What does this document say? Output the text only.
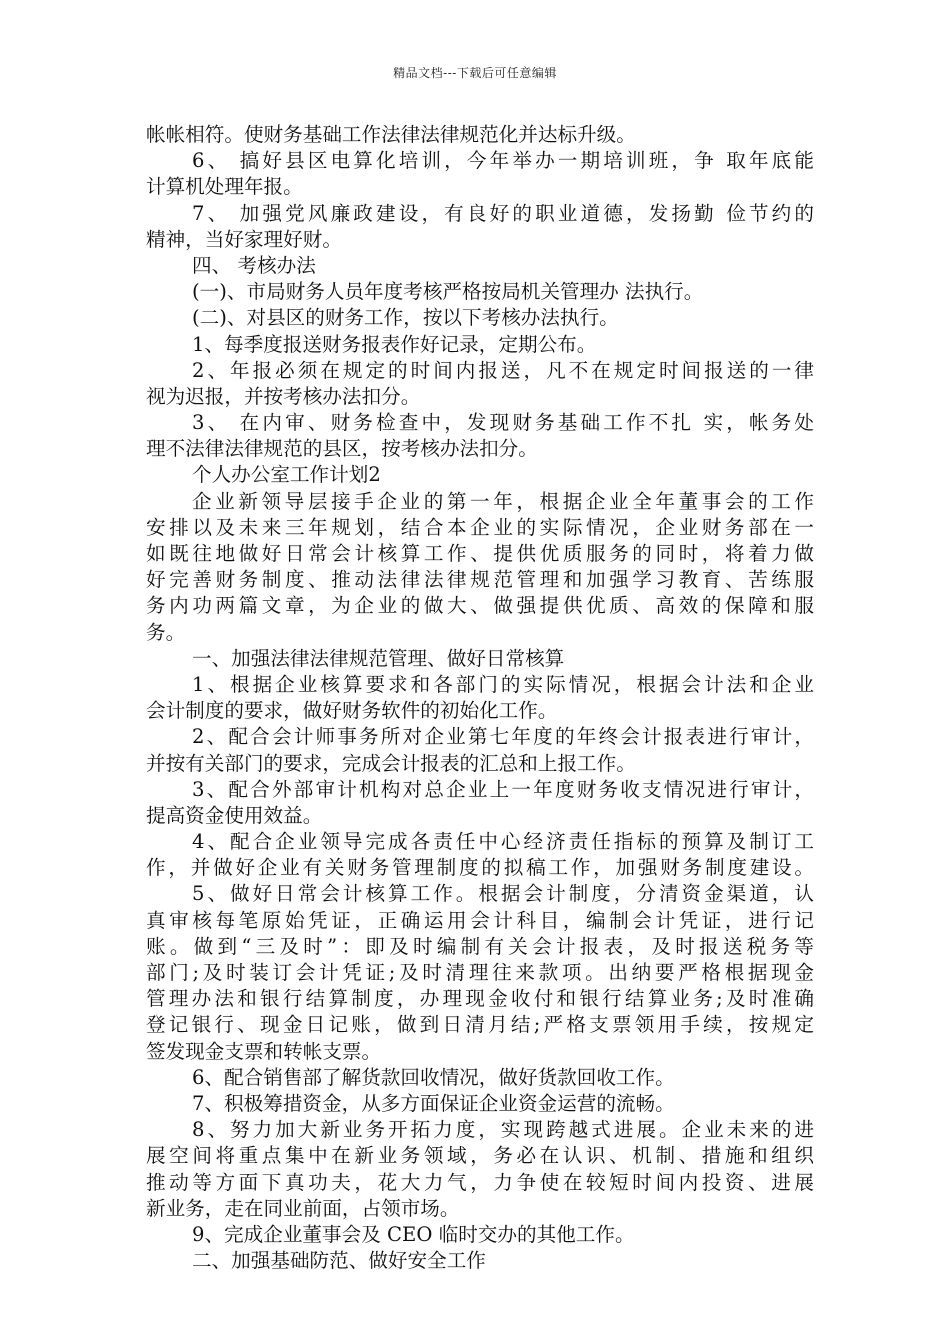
精品文档---下载后可任意编辑
帐帐相符。使财务基础工作法律法律规范化并达标升级。
6、 搞好县区电算化培训，今年举办一期培训班，争 取年底能
计算机处理年报。
7、 加强党风廉政建设，有良好的职业道德，发扬勤 俭节约的
精神，当好家理好财。
四、 考核办法
(一)、市局财务人员年度考核严格按局机关管理办 法执行。
(二)、对县区的财务工作，按以下考核办法执行。
1、每季度报送财务报表作好记录，定期公布。
2、年报必须在规定的时间内报送，凡不在规定时间报送的一律
视为迟报，并按考核办法扣分。
3、 在内审、财务检查中，发现财务基础工作不扎 实，帐务处
理不法律法律规范的县区，按考核办法扣分。
个人办公室工作计划2
企业新领导层接手企业的第一年，根据企业全年董事会的工作
安排以及未来三年规划，结合本企业的实际情况，企业财务部在一
如既往地做好日常会计核算工作、提供优质服务的同时，将着力做
好完善财务制度、推动法律法律规范管理和加强学习教育、苦练服
务内功两篇文章，为企业的做大、做强提供优质、高效的保障和服
务。
一、加强法律法律规范管理、做好日常核算
1、根据企业核算要求和各部门的实际情况，根据会计法和企业
会计制度的要求，做好财务软件的初始化工作。
2、配合会计师事务所对企业第七年度的年终会计报表进行审计，
并按有关部门的要求，完成会计报表的汇总和上报工作。
3、配合外部审计机构对总企业上一年度财务收支情况进行审计，
提高资金使用效益。
4、配合企业领导完成各责任中心经济责任指标的预算及制订工
作，并做好企业有关财务管理制度的拟稿工作，加强财务制度建设。
5、做好日常会计核算工作。根据会计制度，分清资金渠道，认
真审核每笔原始凭证，正确运用会计科目，编制会计凭证，进行记
账。做到“三及时”：即及时编制有关会计报表，及时报送税务等
部门;及时装订会计凭证;及时清理往来款项。出纳要严格根据现金
管理办法和银行结算制度，办理现金收付和银行结算业务;及时准确
登记银行、现金日记账，做到日清月结;严格支票领用手续，按规定
签发现金支票和转帐支票。
6、配合销售部了解货款回收情况，做好货款回收工作。
7、积极筹措资金，从多方面保证企业资金运营的流畅。
8、努力加大新业务开拓力度，实现跨越式进展。企业未来的进
展空间将重点集中在新业务领域，务必在认识、机制、措施和组织
推动等方面下真功夫，花大力气，力争使在较短时间内投资、进展
新业务，走在同业前面，占领市场。
9、完成企业董事会及 CEO 临时交办的其他工作。
二、加强基础防范、做好安全工作
